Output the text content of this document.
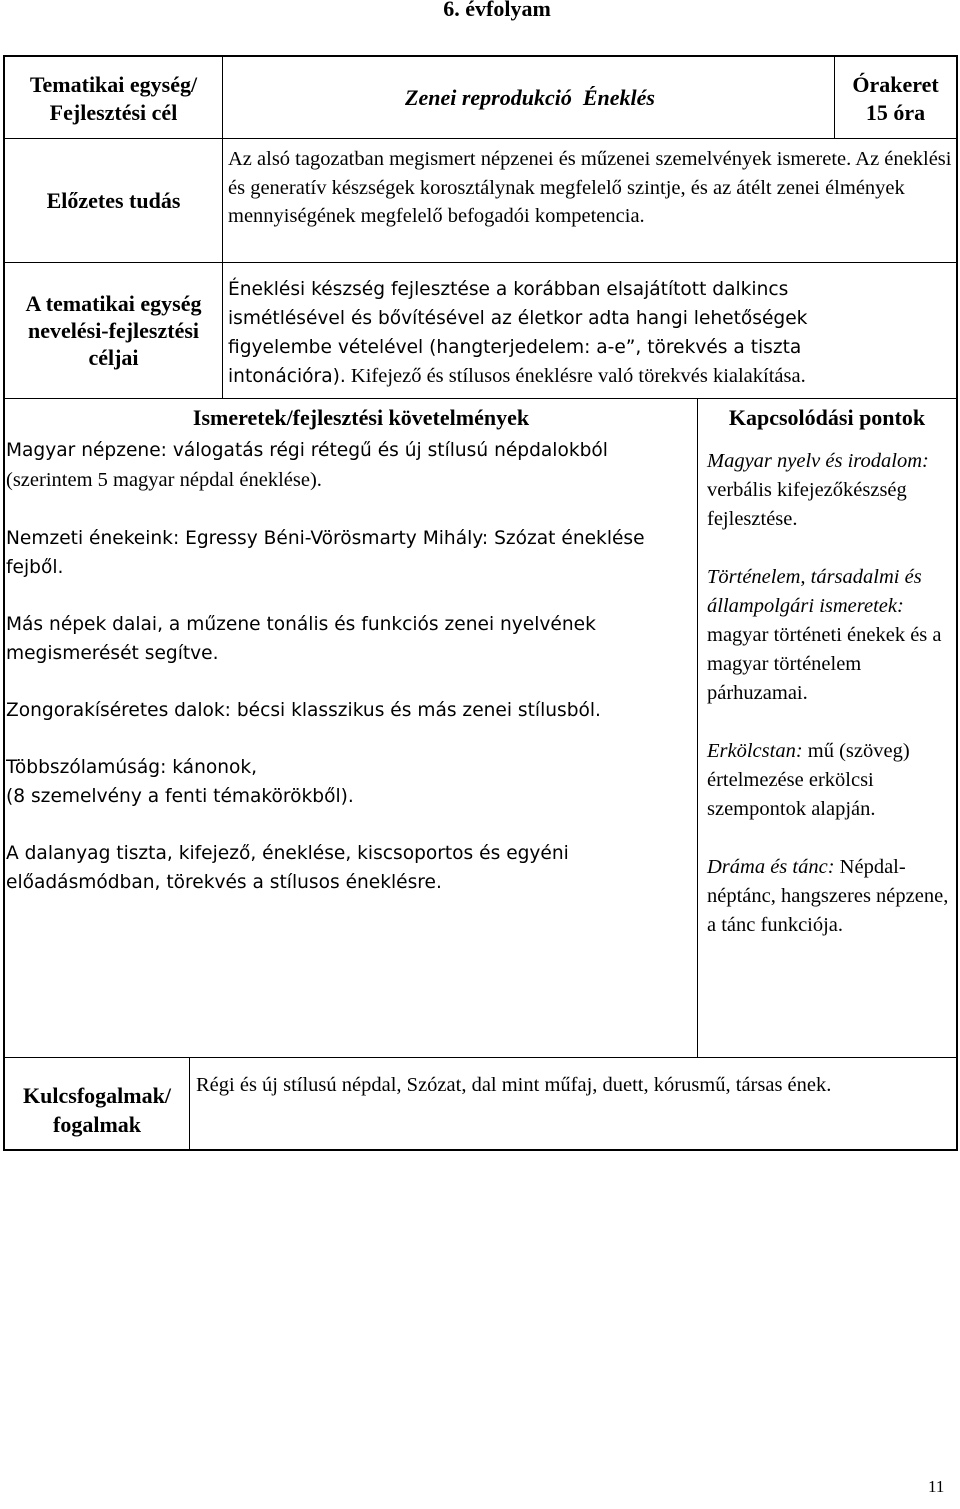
6. évfolyam
Tematikai egység/
Fejlesztési cél
Zenei reprodukció  Éneklés
Órakeret
15 óra
Előzetes tudás

Az alsó tagozatban megismert népzenei és műzenei szemelvények ismerete. Az éneklési és generatív készségek korosztálynak megfelelő szintje, és az átélt zenei élmények mennyiségének megfelelő befogadói kompetencia.

A tematikai egység
nevelési-fejlesztési
céljai

Éneklési készség fejlesztése a korábban elsajátított dalkincs ismétlésével és bővítésével az életkor adta hangi lehetőségek figyelembe vételével (hangterjedelem: a-e”, törekvés a tiszta intonációra). Kifejező és stílusos éneklésre való törekvés kialakítása.

Ismeretek/fejlesztési követelmények

Magyar népzene: válogatás régi rétegű és új stílusú népdalokból
(szerintem 5 magyar népdal éneklése).

Nemzeti énekeink: Egressy Béni-Vörösmarty Mihály: Szózat éneklése fejből.

Más népek dalai, a műzene tonális és funkciós zenei nyelvének megismerését segítve.

Zongorakíséretes dalok: bécsi klasszikus és más zenei stílusból.

Többszólamúság: kánonok,
(8 szemelvény a fenti témakörökből).

A dalanyag tiszta, kifejező, éneklése, kiscsoportos és egyéni előadásmódban, törekvés a stílusos éneklésre.

Kapcsolódási pontok

Magyar nyelv és irodalom: verbális kifejezőkészség fejlesztése.

Történelem, társadalmi és állampolgári ismeretek: magyar történeti énekek és a magyar történelem párhuzamai.

Erkölcstan: mű (szöveg) értelmezése erkölcsi szempontok alapján.

Dráma és tánc: Népdal-néptánc, hangszeres népzene, a tánc funkciója.

Kulcsfogalmak/
fogalmak

Régi és új stílusú népdal, Szózat, dal mint műfaj, duett, kórusmű, társas ének.

11
